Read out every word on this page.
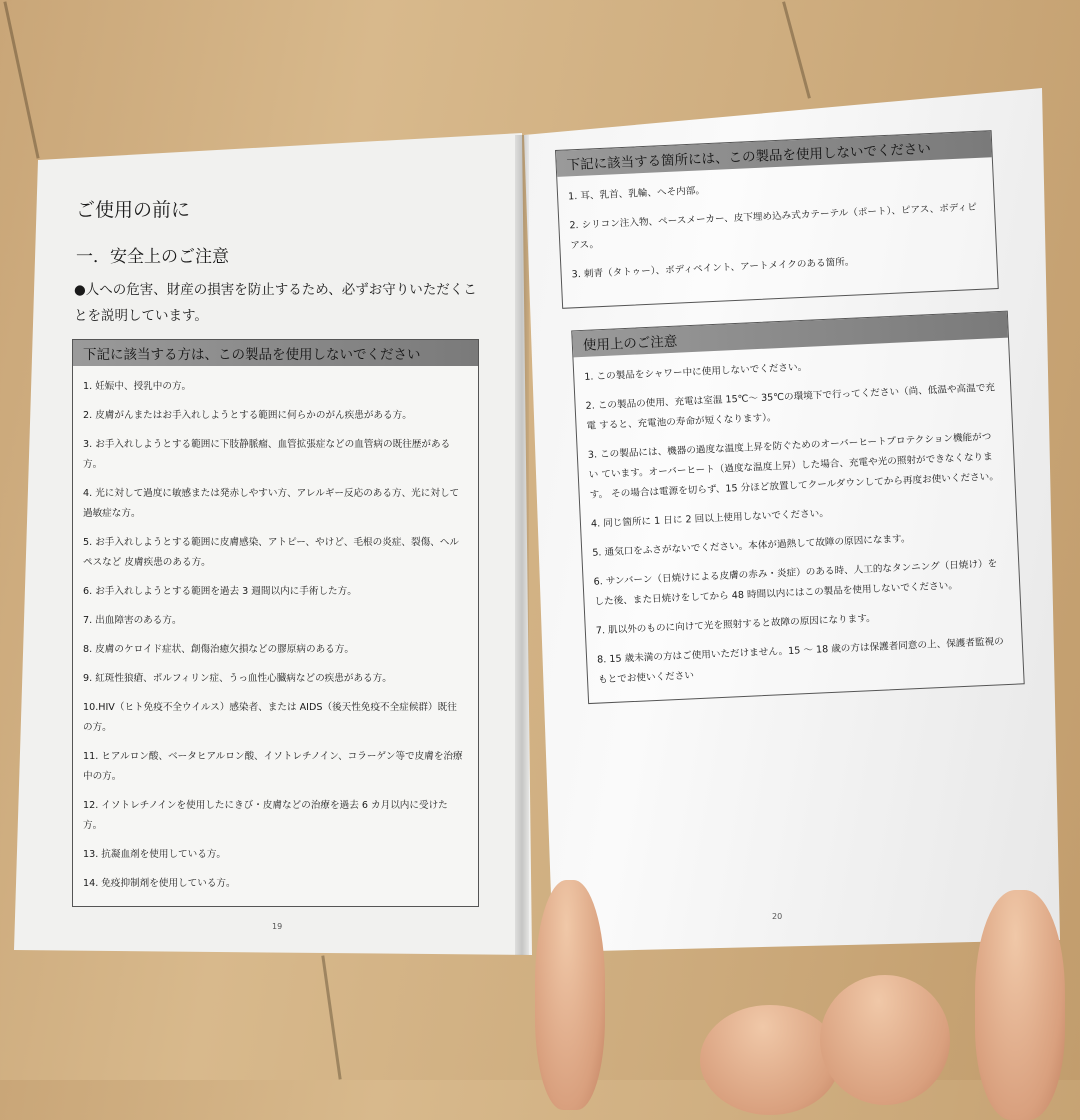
ご使用の前に
一．安全上のご注意
●人への危害、財産の損害を防止するため、必ずお守りいただくことを説明しています。
下記に該当する方は、この製品を使用しないでください
1. 妊娠中、授乳中の方。
2. 皮膚がんまたはお手入れしようとする範囲に何らかのがん疾患がある方。
3. お手入れしようとする範囲に下肢静脈瘤、血管拡張症などの血管病の既往歴がある方。
4. 光に対して過度に敏感または発赤しやすい方、アレルギー反応のある方、光に対して過敏症な方。
5. お手入れしようとする範囲に皮膚感染、アトピー、やけど、毛根の炎症、裂傷、ヘルペスなど 皮膚疾患のある方。
6. お手入れしようとする範囲を過去 3 週間以内に手術した方。
7. 出血障害のある方。
8. 皮膚のケロイド症状、創傷治癒欠損などの膠原病のある方。
9. 紅斑性狼瘡、ポルフィリン症、うっ血性心臓病などの疾患がある方。
10.HIV（ヒト免疫不全ウイルス）感染者、または AIDS（後天性免疫不全症候群）既往の方。
11. ヒアルロン酸、ベータヒアルロン酸、イソトレチノイン、コラーゲン等で皮膚を治療中の方。
12. イソトレチノインを使用したにきび・皮膚などの治療を過去 6 カ月以内に受けた方。
13. 抗凝血剤を使用している方。
14. 免疫抑制剤を使用している方。
19
下記に該当する箇所には、この製品を使用しないでください
1. 耳、乳首、乳輪、へそ内部。
2. シリコン注入物、ペースメーカー、皮下埋め込み式カテーテル（ポート）、ピアス、ボディピアス。
3. 刺青（タトゥー）、ボディペイント、アートメイクのある箇所。
使用上のご注意
1. この製品をシャワー中に使用しないでください。
2. この製品の使用、充電は室温 15℃～ 35℃の環境下で行ってください（尚、低温や高温で充電 すると、充電池の寿命が短くなります）。
3. この製品には、機器の過度な温度上昇を防ぐためのオーバーヒートプロテクション機能がつい ています。オーバーヒート（過度な温度上昇）した場合、充電や光の照射ができなくなります。 その場合は電源を切らず、15 分ほど放置してクールダウンしてから再度お使いください。
4. 同じ箇所に 1 日に 2 回以上使用しないでください。
5. 通気口をふさがないでください。本体が過熱して故障の原因になます。
6. サンバーン（日焼けによる皮膚の赤み・炎症）のある時、人工的なタンニング（日焼け）をした後、また日焼けをしてから 48 時間以内にはこの製品を使用しないでください。
7. 肌以外のものに向けて光を照射すると故障の原因になります。
8. 15 歳未満の方はご使用いただけません。15 ～ 18 歳の方は保護者同意の上、保護者監視のもとでお使いください
20
